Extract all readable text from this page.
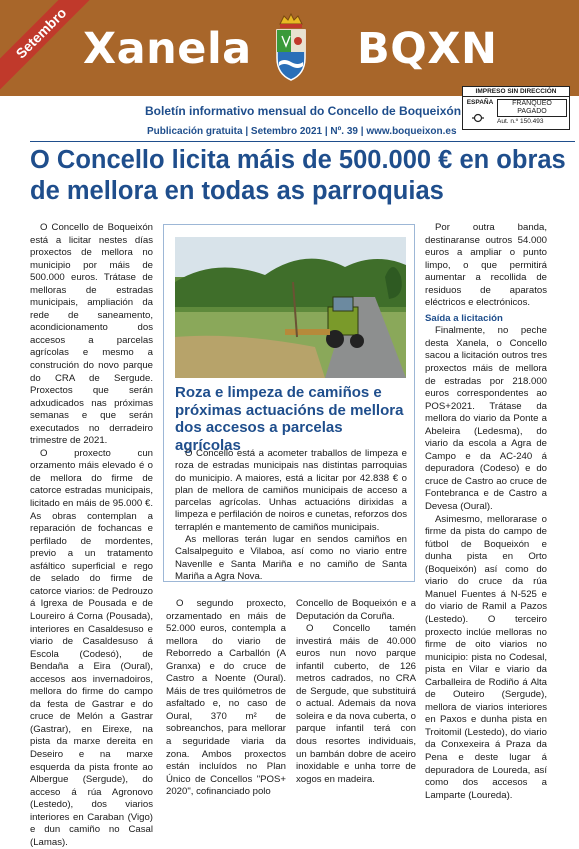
Setembro Xanela BQXN
IMPRESO SIN DIRECCIÓN
ESPAÑA	FRANQUEO PAGADO
Aut. n.º 150.493
Boletín informativo mensual do Concello de Boqueixón
Publicación gratuita | Setembro 2021 | Nº. 39 | www.boqueixon.es
O Concello licita máis de 500.000 € en obras de mellora en todas as parroquias

O Concello de Boqueixón está a licitar nestes días proxectos de mellora no municipio por máis de 500.000 euros. Trátase de melloras de estradas municipais, ampliación da rede de saneamento, acondicionamento dos accesos a parcelas agrícolas e mesmo a construción do novo parque do CRA de Sergude. Proxectos que serán adxudicados nas próximas semanas e que serán executados no derradeiro trimestre de 2021.

O proxecto cun orzamento máis elevado é o de mellora do firme de catorce estradas municipais, licitado en máis de 95.000 €. As obras contemplan a reparación de fochancas e perfilado de mordentes, previo a un tratamento asfáltico superficial e rego de selado do firme de catorce viarios: de Pedrouzo á Igrexa de Pousada e de Loureiro á Corna (Pousada), interiores en Casaldesuso e viario de Casaldesuso á Escola (Codesó), de Bendaña a Eira (Oural), accesos aos invernadoiros, mellora do firme do campo da festa de Gastrar e do cruce de Melón a Gastrar (Gastrar), en Eirexe, na pista da marxe dereita en Deseiro e na marxe esquerda da pista fronte ao Albergue (Sergude), do acceso á rúa Agronovo (Lestedo), dos viarios interiores en Caraban (Vigo) e dun camiño no Casal (Lamas).

Roza e limpeza de camiños e próximas actuacións de mellora dos accesos a parcelas agrícolas

O Concello está a acometer traballos de limpeza e roza de estradas municipais nas distintas parroquias do municipio. A maiores, está a licitar por 42.838 € o plan de mellora de camiños municipais de acceso a parcelas agrícolas. Unhas actuacións dirixidas a limpeza e perfilación de noiros e cunetas, reforzos dos terraplén e mantemento de camiños municipais.

As melloras terán lugar en sendos camiños en Calsalpeguito e Vilaboa, así como no viario entre Navenlle e Santa Mariña e no camiño de Santa Mariña a Agra Nova.

O segundo proxecto, orzamentado en máis de 52.000 euros, contempla a mellora do viario de Reborredo a Carballón (A Granxa) e do cruce de Castro a Noente (Oural). Máis de tres quilómetros de asfaltado e, no caso de Oural, 370 m² de sobreanchos, para mellorar a seguridade viaria da zona. Ambos proxectos están incluídos no Plan Único de Concellos "POS+ 2020", cofinanciado polo

Concello de Boqueixón e a Deputación da Coruña.

O Concello tamén investirá máis de 40.000 euros nun novo parque infantil cuberto, de 126 metros cadrados, no CRA de Sergude, que substituirá o actual. Ademais da nova soleira e da nova cuberta, o parque infantil terá con dous resortes individuais, un bambán dobre de aceiro inoxidable e unha torre de xogos en madeira.

Por outra banda, destinaranse outros 54.000 euros a ampliar o punto limpo, o que permitirá aumentar a recollida de residuos de aparatos eléctricos e electrónicos.

Saída a licitación

Finalmente, no peche desta Xanela, o Concello sacou a licitación outros tres proxectos máis de mellora de estradas por 218.000 euros correspondentes ao POS+2021. Trátase da mellora do viario da Ponte a Abeleira (Ledesma), do viario da escola a Agra de Campo e da AC-240 á depuradora (Codeso) e do cruce de Castro ao cruce de Fontebranca e de Castro a Devesa (Oural).

Asimesmo, mellorarase o firme da pista do campo de fútbol de Boqueixón e dunha pista en Orto (Boqueixón) así como do viario do cruce da rúa Manuel Fuentes á N-525 e do viario de Ramil a Pazos (Lestedo). O terceiro proxecto inclúe melloras no firme de oito viarios no municipio: pista no Codesal, pista en Vilar e viario da Carballeira de Rodiño á Alta de Outeiro (Sergude), mellora de viarios interiores en Paxos e dunha pista en Troitomil (Lestedo), do viario da Conxexeira á Praza da Pena e deste lugar á depuradora de Loureda, así como dos accesos a Lamparte (Loureda).
